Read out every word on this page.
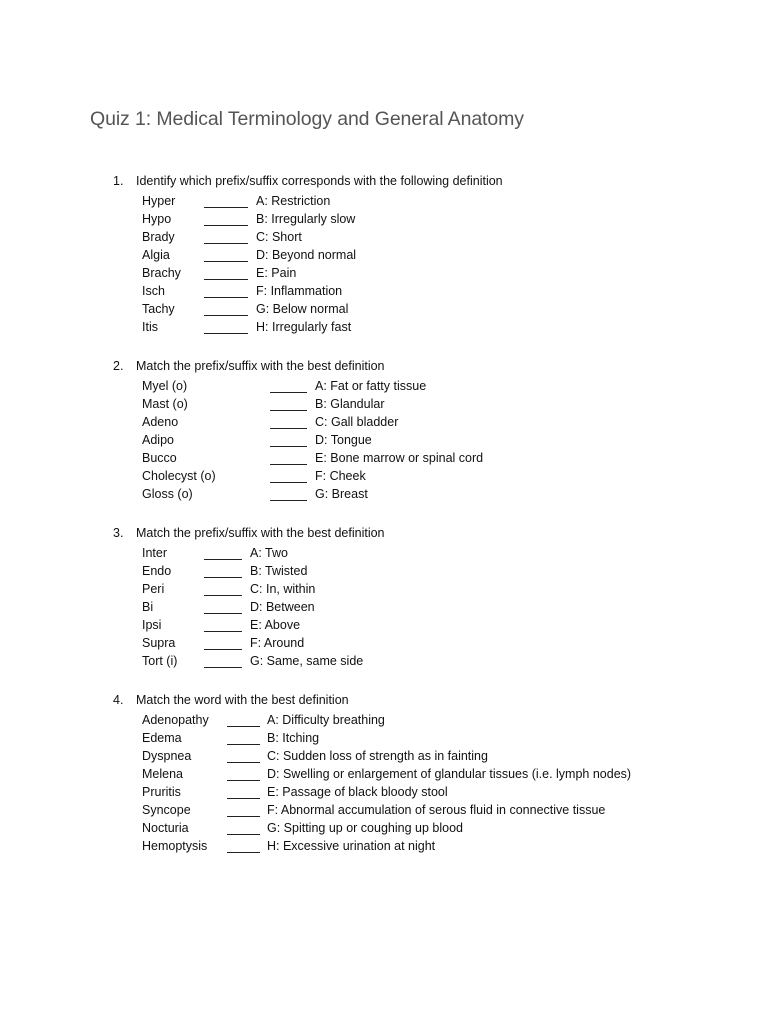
Quiz 1: Medical Terminology and General Anatomy
1. Identify which prefix/suffix corresponds with the following definition
Hyper	A: Restriction
Hypo	B: Irregularly slow
Brady	C: Short
Algia	D: Beyond normal
Brachy	E: Pain
Isch	F: Inflammation
Tachy	G: Below normal
Itis	H: Irregularly fast
2. Match the prefix/suffix with the best definition
Myel (o)	A: Fat or fatty tissue
Mast (o)	B: Glandular
Adeno	C: Gall bladder
Adipo	D: Tongue
Bucco	E: Bone marrow or spinal cord
Cholecyst (o)	F: Cheek
Gloss (o)	G: Breast
3. Match the prefix/suffix with the best definition
Inter	A: Two
Endo	B: Twisted
Peri	C: In, within
Bi	D: Between
Ipsi	E: Above
Supra	F: Around
Tort (i)	G: Same, same side
4. Match the word with the best definition
Adenopathy	A: Difficulty breathing
Edema	B: Itching
Dyspnea	C: Sudden loss of strength as in fainting
Melena	D: Swelling or enlargement of glandular tissues (i.e. lymph nodes)
Pruritis	E: Passage of black bloody stool
Syncope	F: Abnormal accumulation of serous fluid in connective tissue
Nocturia	G: Spitting up or coughing up blood
Hemoptysis	H: Excessive urination at night
